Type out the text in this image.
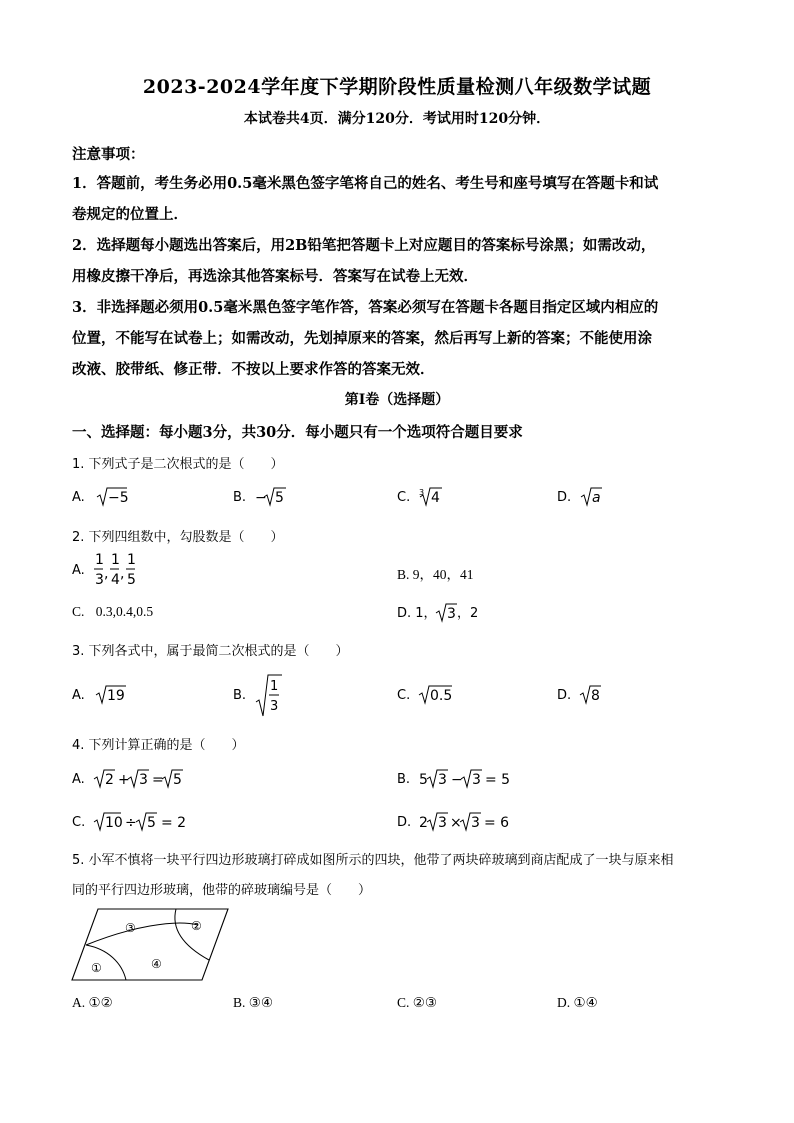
2023-2024学年度下学期阶段性质量检测八年级数学试题
本试卷共4页．满分120分．考试用时120分钟．
注意事项：
1．答题前，考生务必用0.5毫米黑色签字笔将自己的姓名、考生号和座号填写在答题卡和试
卷规定的位置上．
2．选择题每小题选出答案后，用2B铅笔把答题卡上对应题目的答案标号涂黑；如需改动，
用橡皮擦干净后，再选涂其他答案标号．答案写在试卷上无效．
3．非选择题必须用0.5毫米黑色签字笔作答，答案必须写在答题卡各题目指定区域内相应的
位置，不能写在试卷上；如需改动，先划掉原来的答案，然后再写上新的答案；不能使用涂
改液、胶带纸、修正带．不按以上要求作答的答案无效．
第I卷（选择题）
一、选择题：每小题3分，共30分．每小题只有一个选项符合题目要求
1. 下列式子是二次根式的是（　　）
A. −5	B. − 5	C. 3 4	D. a
2. 下列四组数中，勾股数是（　　）
A.
1
3 ,
1
4 ,
1
5	B. 9，40，41
C. 0.3,0.4,0.5	D. 1， 3 ，2
3. 下列各式中，属于最简二次根式的是（　　）
A. 19	B.
1
3
C. 0.5	D. 8
4. 下列计算正确的是（　　）
A. 2 + 3 = 5	B. 5 3 − 3 = 5
C. 10 ÷ 5 = 2	D. 2 3 × 3 = 6
5. 小军不慎将一块平行四边形玻璃打碎成如图所示的四块，他带了两块碎玻璃到商店配成了一块与原来相
同的平行四边形玻璃，他带的碎玻璃编号是（　　）
③	②
①	④
A. ①②	B. ③④	C. ②③	D. ①④
